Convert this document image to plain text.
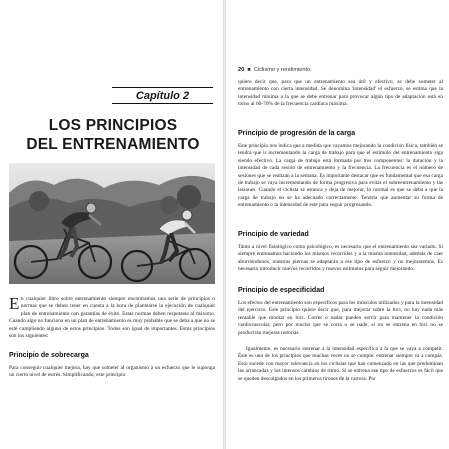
Capítulo 2
LOS PRINCIPIOS
DEL ENTRENAMIENTO
En cualquier libro sobre entrenamiento siempre encontramos una serie de principios o normas que se deben tener en cuenta a la hora de plantearse la ejecución de cualquier plan de entrenamiento con garantías de éxito. Estas normas deben respetarse al máximo. Cuando algo no funciona en un plan de entrenamiento es muy probable que se deba a que no se esté cumpliendo alguno de estos principios. Todos son igual de importantes. Estos principios son los siguientes:
Principio de sobrecarga
Para conseguir cualquier mejora, hay que someter al organismo a un esfuerzo que le suponga un cierto nivel de estrés. Simplificando, este principio
20  ■  Ciclismo y rendimiento
quiere decir que, para que un entrenamiento sea útil y efectivo, se debe someter al entrenamiento con cierta intensidad. Se denomina 'intensidad' el esfuerzo, se estima que la intensidad mínima a la que se debe entrenar para provocar algún tipo de adaptación está en torno al 60-70% de la frecuencia cardíaca máxima.
Principio de progresión de la carga
Este principio nos indica que a medida que vayamos mejorando la condición física, también se tendrá que ir incrementando la carga de trabajo para que el estímulo del entrenamiento siga siendo efectivo. La carga de trabajo está formada por tres componentes: la duración y la intensidad de cada sesión de entrenamiento y la frecuencia. La frecuencia es el número de sesiones que se realizan a la semana. Es importante destacar que es fundamental que esa carga de trabajo se vaya incrementando de forma progresiva para evitar el sobreentrenamiento y las lesiones. Cuando el ciclista se estanca y deja de mejorar, lo normal es que se deba a que la carga de trabajo no se ha adecuado correctamente. Tendría que aumentar su forma de entrenamiento o la intensidad de este para seguir progresando.
Principio de variedad
Tanto a nivel fisiológico como psicológico, es necesario que el entrenamiento sea variado. Si siempre entrenamos haciendo los mismos recorridos y a la misma intensidad, además de caer aburriéndonos, nuestras piernas se adaptarán a ese tipo de esfuerzo y no mejoraremos. Es necesario introducir nuevos recorridos y nuevos estímulos para seguir mejorando.
Principio de especificidad
Los efectos del entrenamiento son específicos para los músculos utilizados y para la intensidad del ejercicio. Este principio quiere decir que, para mejorar sobre la bici, no hay nada más rentable que montar en bici. Correr o nadar pueden servir para mantener la condición cardiovascular, pero por mucho que se corra o se nade, si no se entrena en bici no se producirán mejoras notorias.
Igualmente, es necesario entrenar a la intensidad específica a la que se vaya a competir. Éste es uno de los principios que muchas veces no se cumple: entrenar siempre va a compás. Esto sucede con mayor relevancia en los ciclistas que han comenzado en las que predominan las arrancadas y los intensos cambios de ritmo. Si se entrena ese tipo de esfuerzos es fácil que se queden descolgados en los primeros tirones de la carrera. Por
